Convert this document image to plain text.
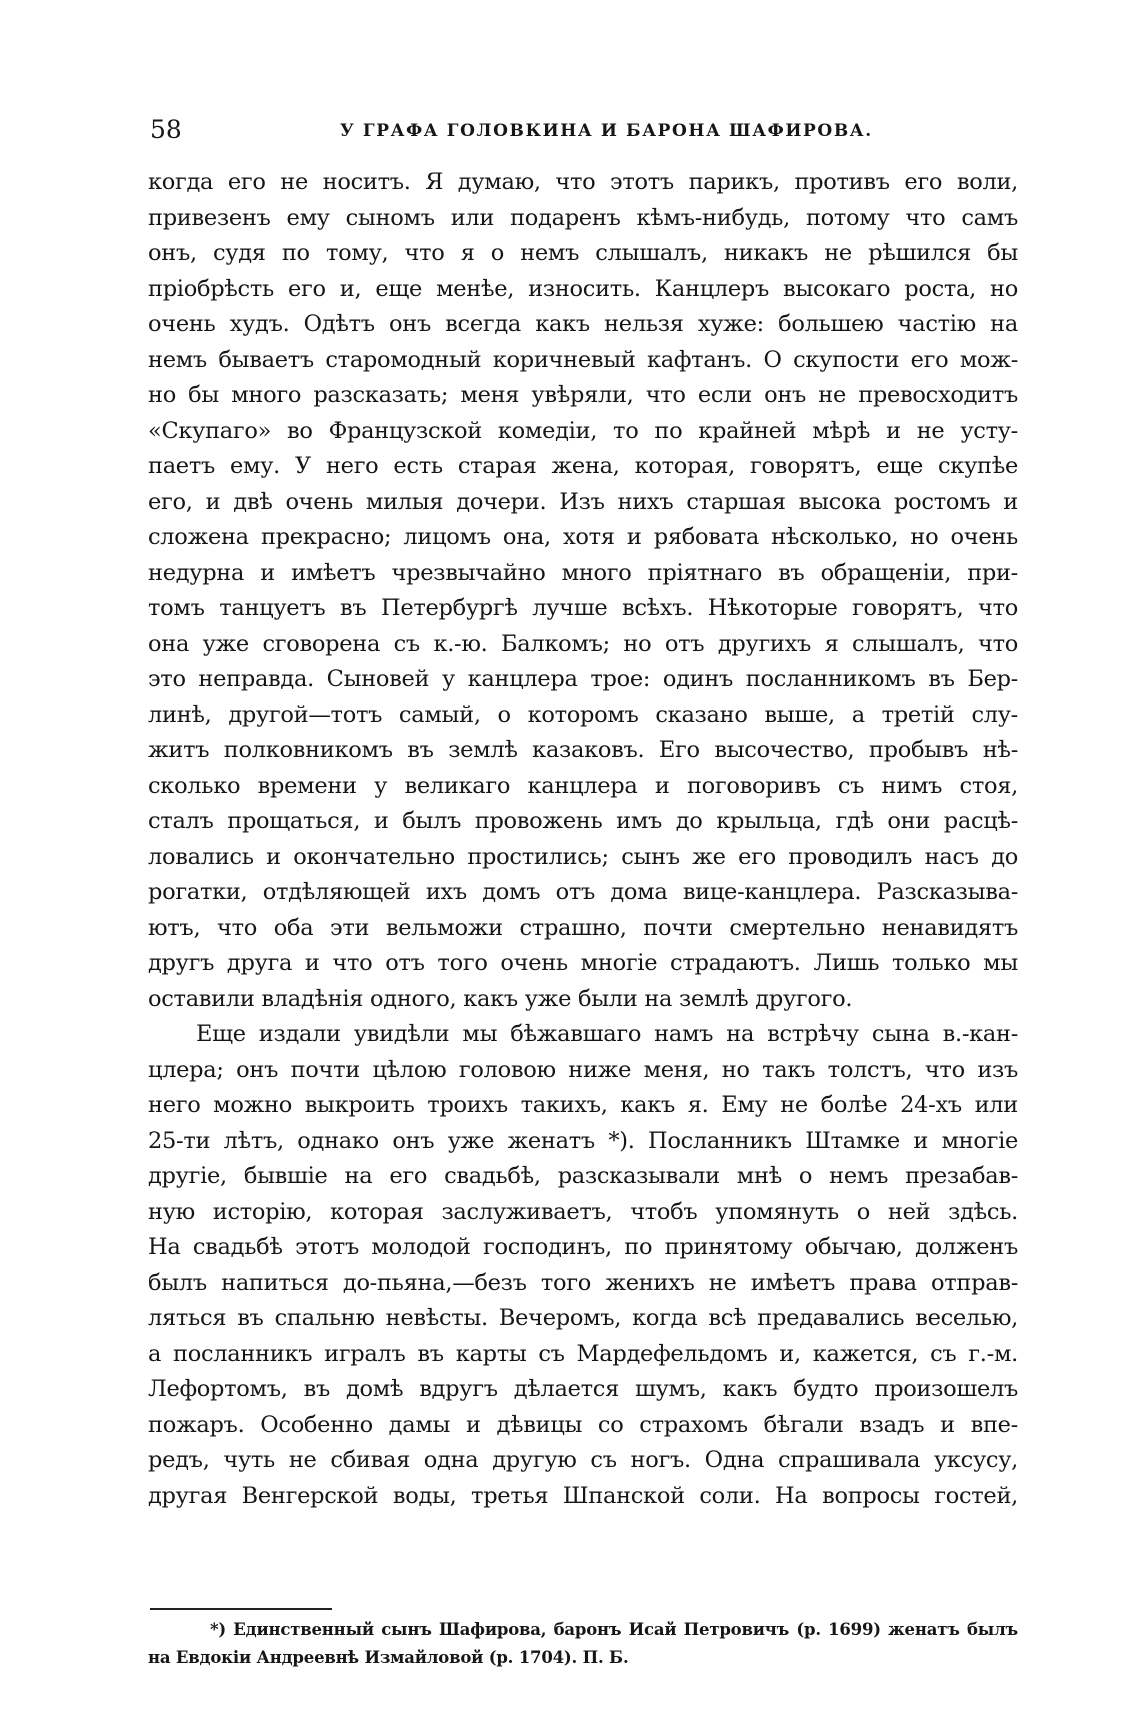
58	У ГРАФА ГОЛОВКИНА И БАРОНА ШАФИРОВА.
когда его не носитъ. Я думаю, что этотъ парикъ, противъ его воли,
привезенъ ему сыномъ или подаренъ кѣмъ-нибудь, потому что самъ
онъ, судя по тому, что я о немъ слышалъ, никакъ не рѣшился бы
пріобрѣсть его и, еще менѣе, износить. Канцлеръ высокаго роста, но
очень худъ. Одѣтъ онъ всегда какъ нельзя хуже: большею частію на
немъ бываетъ старомодный коричневый кафтанъ. О скупости его мож-
но бы много разсказать; меня увѣряли, что если онъ не превосходитъ
«Скупаго» во Французской комедіи, то по крайней мѣрѣ и не усту-
паетъ ему. У него есть старая жена, которая, говорятъ, еще скупѣе
его, и двѣ очень милыя дочери. Изъ нихъ старшая высока ростомъ и
сложена прекрасно; лицомъ она, хотя и рябовата нѣсколько, но очень
недурна и имѣетъ чрезвычайно много пріятнаго въ обращеніи, при-
томъ танцуетъ въ Петербургѣ лучше всѣхъ. Нѣкоторые говорятъ, что
она уже сговорена съ к.-ю. Балкомъ; но отъ другихъ я слышалъ, что
это неправда. Сыновей у канцлера трое: одинъ посланникомъ въ Бер-
линѣ, другой—тотъ самый, о которомъ сказано выше, а третій слу-
житъ полковникомъ въ землѣ казаковъ. Его высочество, пробывъ нѣ-
сколько времени у великаго канцлера и поговоривъ съ нимъ стоя,
сталъ прощаться, и былъ провожень имъ до крыльца, гдѣ они расцѣ-
ловались и окончательно простились; сынъ же его проводилъ насъ до
рогатки, отдѣляющей ихъ домъ отъ дома вице-канцлера. Разсказыва-
ютъ, что оба эти вельможи страшно, почти смертельно ненавидятъ
другъ друга и что отъ того очень многіе страдаютъ. Лишь только мы
оставили владѣнія одного, какъ уже были на землѣ другого.
Еще издали увидѣли мы бѣжавшаго намъ на встрѣчу сына в.-кан-
цлера; онъ почти цѣлою головою ниже меня, но такъ толстъ, что изъ
него можно выкроить троихъ такихъ, какъ я. Ему не болѣе 24-хъ или
25-ти лѣтъ, однако онъ уже женатъ *). Посланникъ Штамке и многіе
другіе, бывшіе на его свадьбѣ, разсказывали мнѣ о немъ презабав-
ную исторію, которая заслуживаетъ, чтобъ упомянуть о ней здѣсь.
На свадьбѣ этотъ молодой господинъ, по принятому обычаю, долженъ
былъ напиться до-пьяна,—безъ того женихъ не имѣетъ права отправ-
ляться въ спальню невѣсты. Вечеромъ, когда всѣ предавались веселью,
а посланникъ игралъ въ карты съ Мардефельдомъ и, кажется, съ г.-м.
Лефортомъ, въ домѣ вдругъ дѣлается шумъ, какъ будто произошелъ
пожаръ. Особенно дамы и дѣвицы со страхомъ бѣгали взадъ и впе-
редъ, чуть не сбивая одна другую съ ногъ. Одна спрашивала уксусу,
другая Венгерской воды, третья Шпанской соли. На вопросы гостей,
*) Единственный сынъ Шафирова, баронъ Исай Петровичъ (р. 1699) женатъ былъ
на Евдокіи Андреевнѣ Измайловой (р. 1704). П. Б.
